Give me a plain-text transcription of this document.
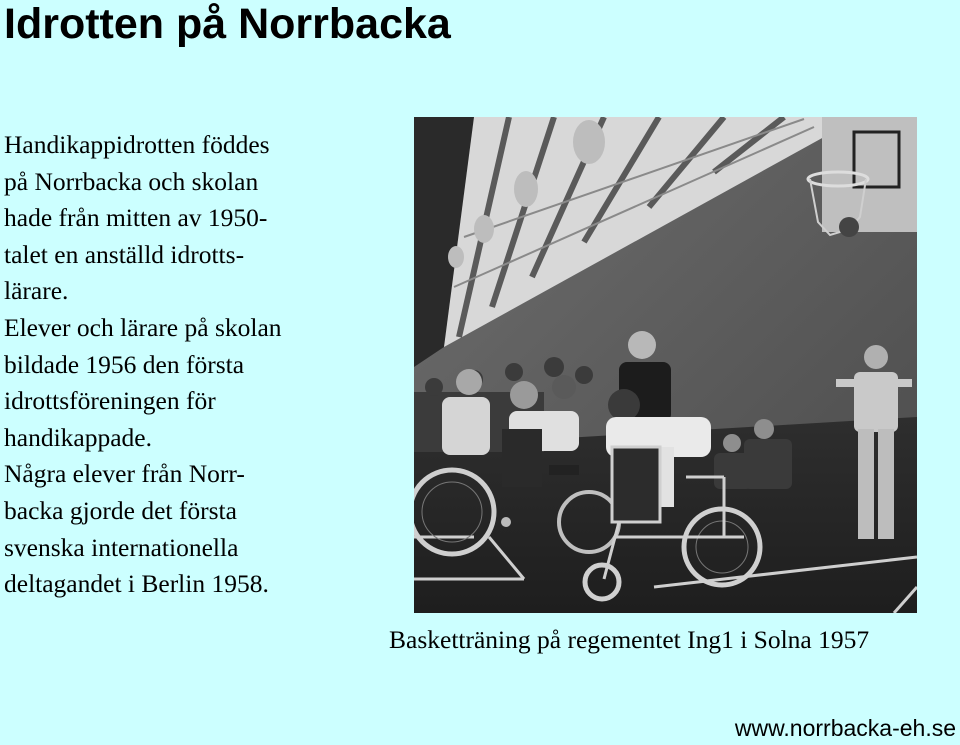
Idrotten på Norrbacka
Handikappidrotten föddes
på Norrbacka och skolan
hade från mitten av 1950-
talet en anställd idrotts-
lärare.
Elever och lärare på skolan
bildade 1956 den första
idrottsföreningen för
handikappade.
Några elever från Norr-
backa gjorde det första
svenska internationella
deltagandet i Berlin 1958.

Basketträning på regementet Ing1 i Solna 1957

www.norrbacka-eh.se
